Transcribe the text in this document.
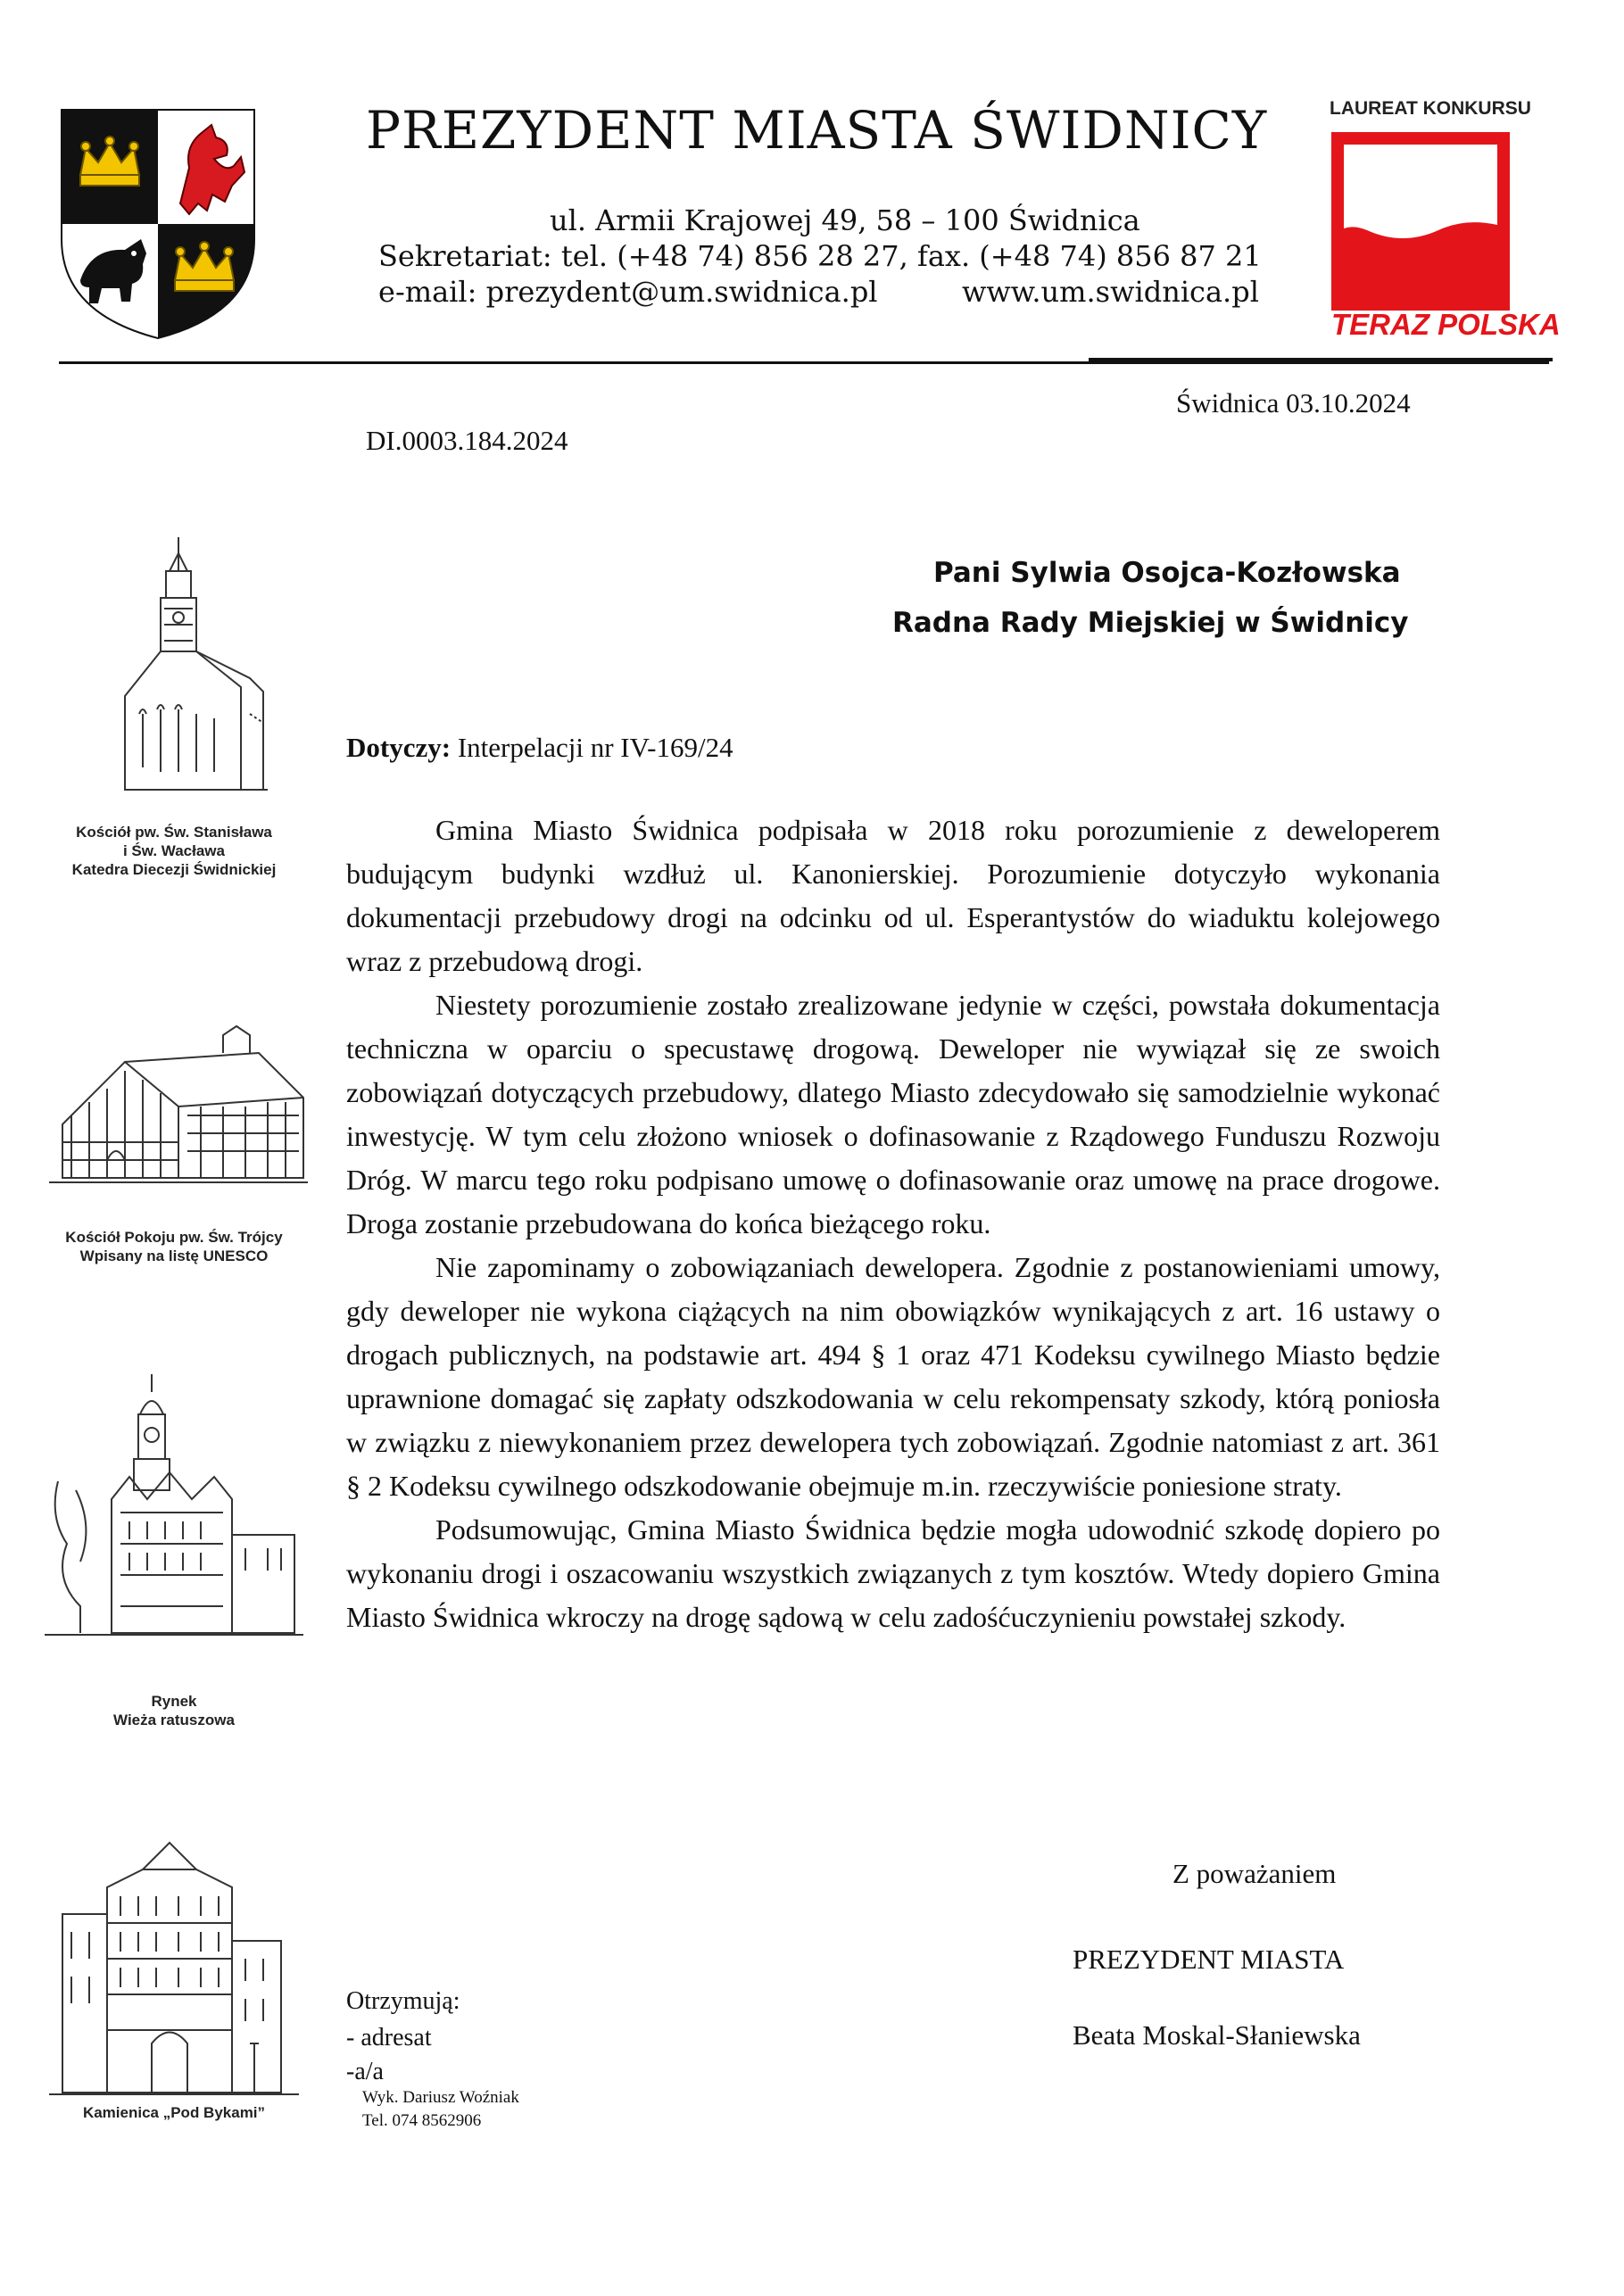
PREZYDENT MIASTA ŚWIDNICY
ul. Armii Krajowej 49, 58 – 100 Świdnica
Sekretariat: tel. (+48 74) 856 28 27, fax. (+48 74) 856 87 21
e-mail: prezydent@um.swidnica.pl	www.um.swidnica.pl
LAUREAT KONKURSU
TERAZ POLSKA
Świdnica 03.10.2024
DI.0003.184.2024
Pani Sylwia Osojca-Kozłowska
Radna Rady Miejskiej w Świdnicy
Dotyczy: Interpelacji nr IV-169/24

Gmina Miasto Świdnica podpisała w 2018 roku porozumienie z deweloperem budującym budynki wzdłuż ul. Kanonierskiej. Porozumienie dotyczyło wykonania dokumentacji przebudowy drogi na odcinku od ul. Esperantystów do wiaduktu kolejowego wraz z przebudową drogi.

Niestety porozumienie zostało zrealizowane jedynie w części, powstała dokumentacja techniczna w oparciu o specustawę drogową. Deweloper nie wywiązał się ze swoich zobowiązań dotyczących przebudowy, dlatego Miasto zdecydowało się samodzielnie wykonać inwestycję. W tym celu złożono wniosek o dofinasowanie z Rządowego Funduszu Rozwoju Dróg. W marcu tego roku podpisano umowę o dofinasowanie oraz umowę na prace drogowe. Droga zostanie przebudowana do końca bieżącego roku.

Nie zapominamy o zobowiązaniach dewelopera. Zgodnie z postanowieniami umowy, gdy deweloper nie wykona ciążących na nim obowiązków wynikających z art. 16 ustawy o drogach publicznych, na podstawie art. 494 § 1 oraz 471 Kodeksu cywilnego Miasto będzie uprawnione domagać się zapłaty odszkodowania w celu rekompensaty szkody, którą poniosła w związku z niewykonaniem przez dewelopera tych zobowiązań. Zgodnie natomiast z art. 361 § 2 Kodeksu cywilnego odszkodowanie obejmuje m.in. rzeczywiście poniesione straty.

Podsumowując, Gmina Miasto Świdnica będzie mogła udowodnić szkodę dopiero po wykonaniu drogi i oszacowaniu wszystkich związanych z tym kosztów. Wtedy dopiero Gmina Miasto Świdnica wkroczy na drogę sądową w celu zadośćuczynieniu powstałej szkody.

Kościół pw. Św. Stanisława
i Św. Wacława
Katedra Diecezji Świdnickiej
Kościół Pokoju pw. Św. Trójcy
Wpisany na listę UNESCO
Rynek
Wieża ratuszowa
Kamienica „Pod Bykami”
Z poważaniem
PREZYDENT MIASTA
Beata Moskal-Słaniewska
Otrzymują:
- adresat
-a/a
Wyk. Dariusz Woźniak
Tel. 074 8562906
